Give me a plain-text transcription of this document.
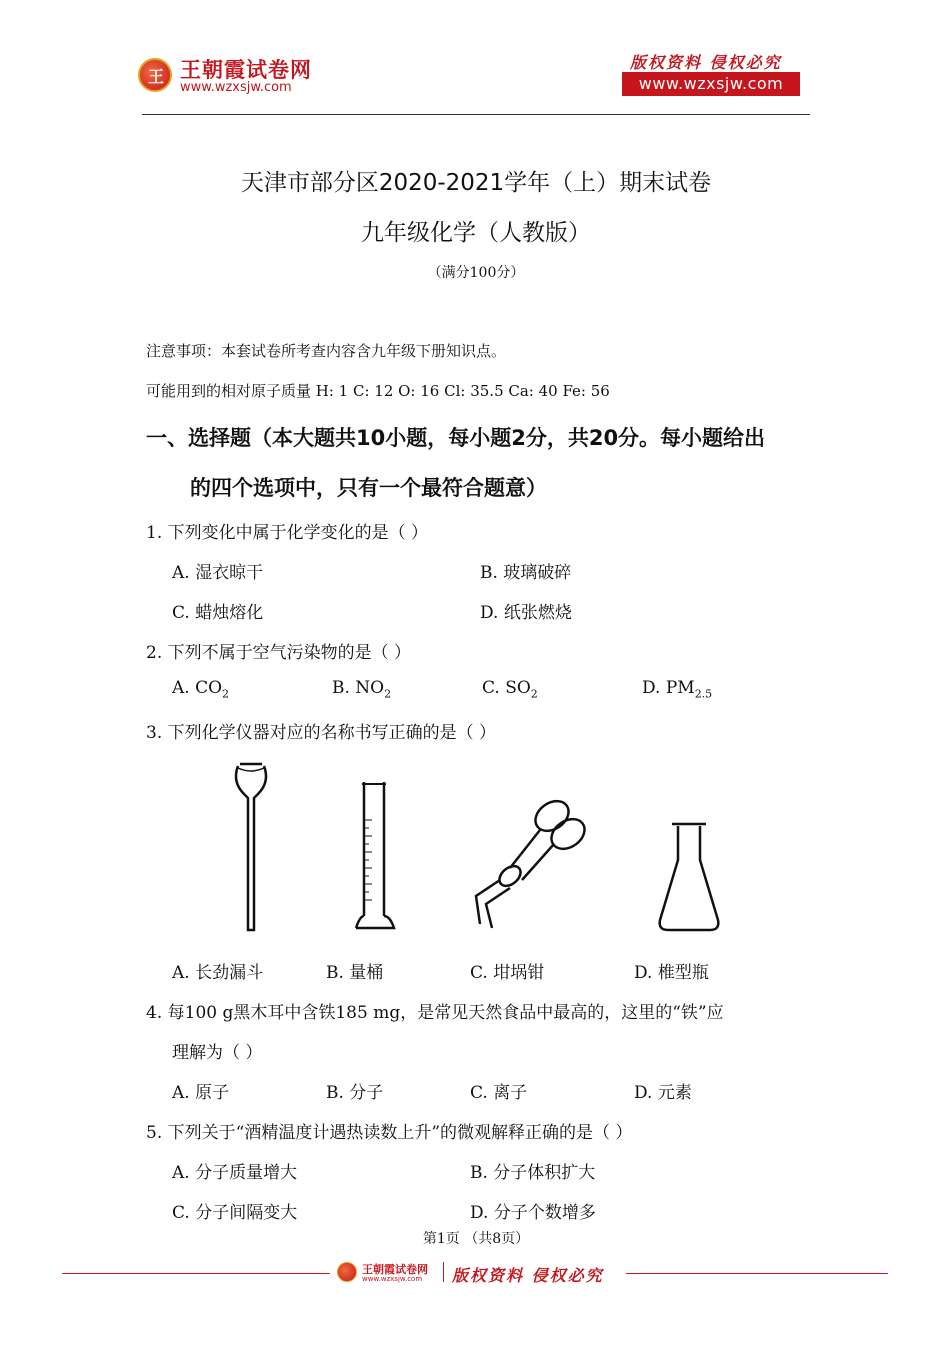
王
王朝霞试卷网
www.wzxsjw.com
版权资料 侵权必究
www.wzxsjw.com
天津市部分区2020-2021学年（上）期末试卷
九年级化学（人教版）
（满分100分）
注意事项：本套试卷所考查内容含九年级下册知识点。
可能用到的相对原子质量 H: 1 C: 12 O: 16 Cl: 35.5 Ca: 40 Fe: 56
一、选择题（本大题共10小题，每小题2分，共20分。每小题给出
的四个选项中，只有一个最符合题意）
1. 下列变化中属于化学变化的是（ ）
A. 湿衣晾干	B. 玻璃破碎
C. 蜡烛熔化	D. 纸张燃烧
2. 下列不属于空气污染物的是（ ）
A. $CO_2$	B. $NO_2$	C. $SO_2$	D. $PM_{2.5}$
3. 下列化学仪器对应的名称书写正确的是（ ）
A. 长劲漏斗	B. 量桶	C. 坩埚钳	D. 椎型瓶
4. 每100 g黑木耳中含铁185 mg，是常见天然食品中最高的，这里的“铁”应
理解为（ ）
A. 原子	B. 分子	C. 离子	D. 元素
5. 下列关于“酒精温度计遇热读数上升”的微观解释正确的是（ ）
A. 分子质量增大	B. 分子体积扩大
C. 分子间隔变大	D. 分子个数增多
第1页 （共8页）
王朝霞试卷网
www.wzxsjw.com 版权资料 侵权必究
